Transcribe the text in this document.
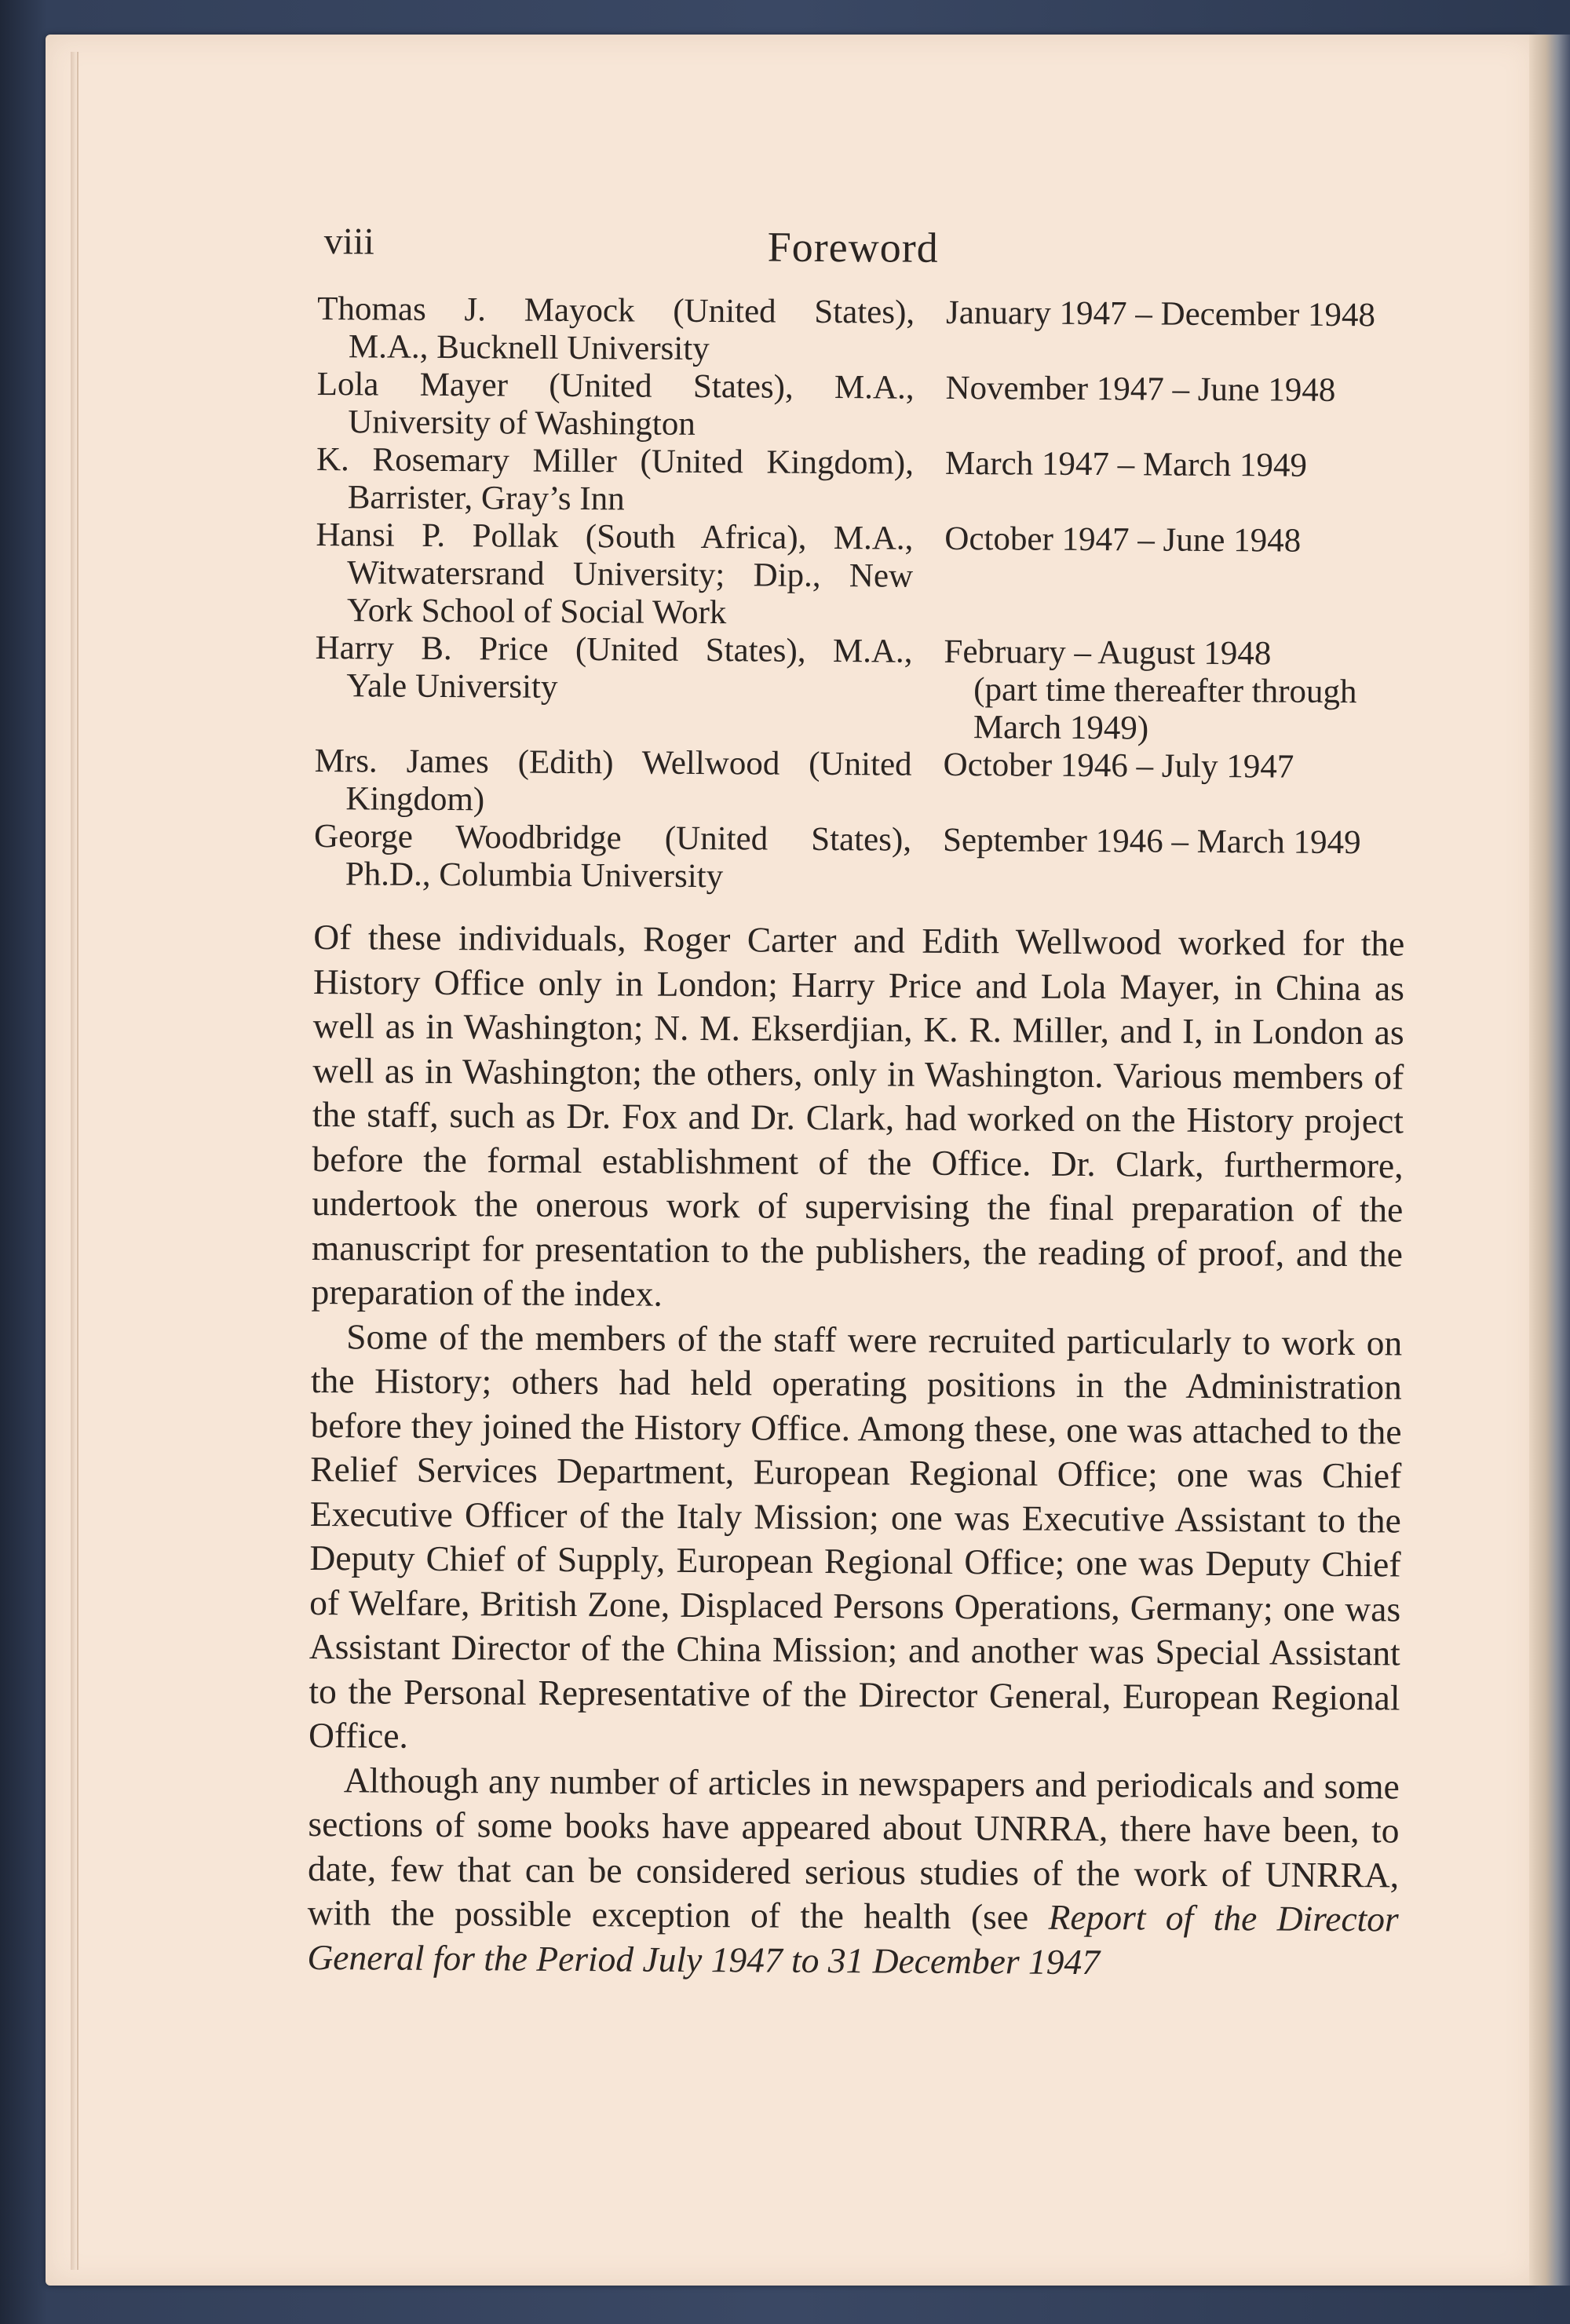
viii	Foreword
Thomas J. Mayock (United States),
M.A., Bucknell University
January 1947 – December 1948
Lola Mayer (United States), M.A.,
University of Washington
November 1947 – June 1948
K. Rosemary Miller (United Kingdom),
Barrister, Gray’s Inn
March 1947 – March 1949
Hansi P. Pollak (South Africa), M.A.,
Witwatersrand University; Dip., New York School of Social Work
October 1947 – June 1948
Harry B. Price (United States), M.A.,
Yale University
February – August 1948
(part time thereafter through March 1949)
Mrs. James (Edith) Wellwood (United
Kingdom)
October 1946 – July 1947
George Woodbridge (United States),
Ph.D., Columbia University
September 1946 – March 1949

Of these individuals, Roger Carter and Edith Wellwood worked for the History Office only in London; Harry Price and Lola Mayer, in China as well as in Washington; N. M. Ekserdjian, K. R. Miller, and I, in London as well as in Washington; the others, only in Washington. Various members of the staff, such as Dr. Fox and Dr. Clark, had worked on the History project before the formal establishment of the Office. Dr. Clark, furthermore, undertook the onerous work of supervising the final preparation of the manuscript for presentation to the publishers, the reading of proof, and the preparation of the index.

Some of the members of the staff were recruited particularly to work on the History; others had held operating positions in the Administration before they joined the History Office. Among these, one was attached to the Relief Services Department, European Regional Office; one was Chief Executive Officer of the Italy Mission; one was Executive Assistant to the Deputy Chief of Supply, European Regional Office; one was Deputy Chief of Welfare, British Zone, Displaced Persons Operations, Germany; one was Assistant Director of the China Mission; and another was Special Assistant to the Personal Representative of the Director General, European Regional Office.

Although any number of articles in newspapers and periodicals and some sections of some books have appeared about UNRRA, there have been, to date, few that can be considered serious studies of the work of UNRRA, with the possible exception of the health (see Report of the Director General for the Period July 1947 to 31 December 1947
